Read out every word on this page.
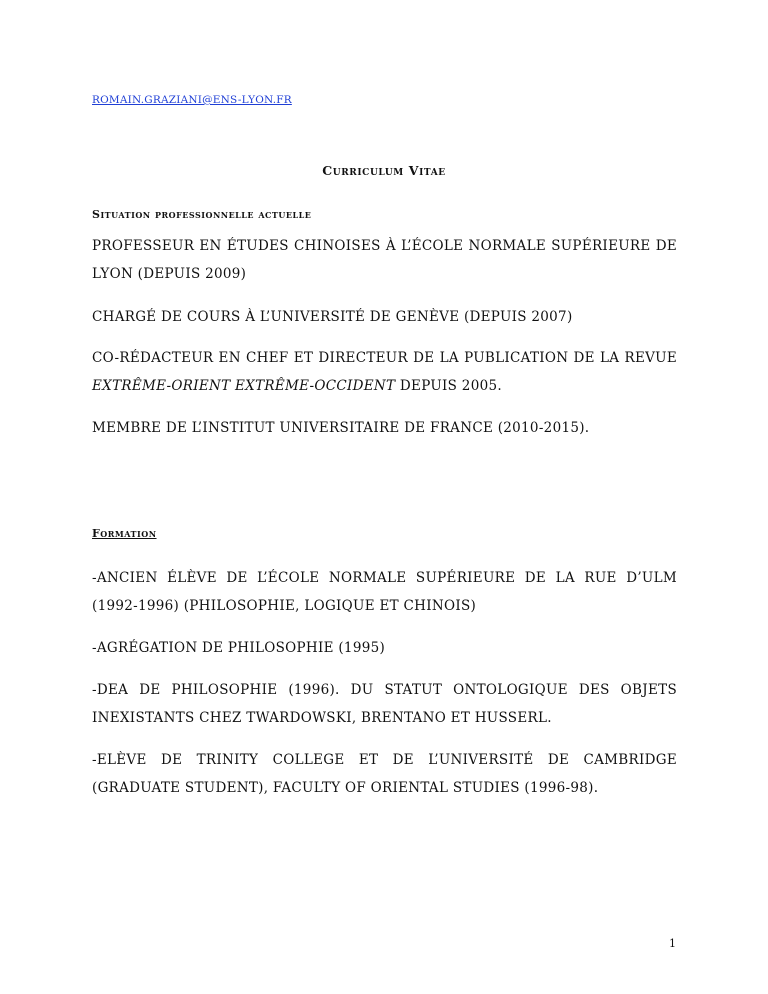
ROMAIN.GRAZIANI@ENS-LYON.FR
Curriculum Vitae
Situation professionnelle actuelle
PROFESSEUR EN ÉTUDES CHINOISES À L’ÉCOLE NORMALE SUPÉRIEURE DE LYON (DEPUIS 2009)
CHARGÉ DE COURS À L’UNIVERSITÉ DE GENÈVE (DEPUIS 2007)
CO-RÉDACTEUR EN CHEF ET DIRECTEUR DE LA PUBLICATION DE LA REVUE EXTRÊME-ORIENT EXTRÊME-OCCIDENT DEPUIS 2005.
MEMBRE DE L’INSTITUT UNIVERSITAIRE DE FRANCE (2010-2015).
Formation
-ANCIEN ÉLÈVE DE L’ÉCOLE NORMALE SUPÉRIEURE DE LA RUE D’ULM (1992-1996) (PHILOSOPHIE, LOGIQUE ET CHINOIS)
-AGRÉGATION DE PHILOSOPHIE (1995)
-DEA DE PHILOSOPHIE (1996). DU STATUT ONTOLOGIQUE DES OBJETS INEXISTANTS CHEZ TWARDOWSKI, BRENTANO ET HUSSERL.
-ELÈVE DE TRINITY COLLEGE ET DE L’UNIVERSITÉ DE CAMBRIDGE (GRADUATE STUDENT), FACULTY OF ORIENTAL STUDIES (1996-98).
1
